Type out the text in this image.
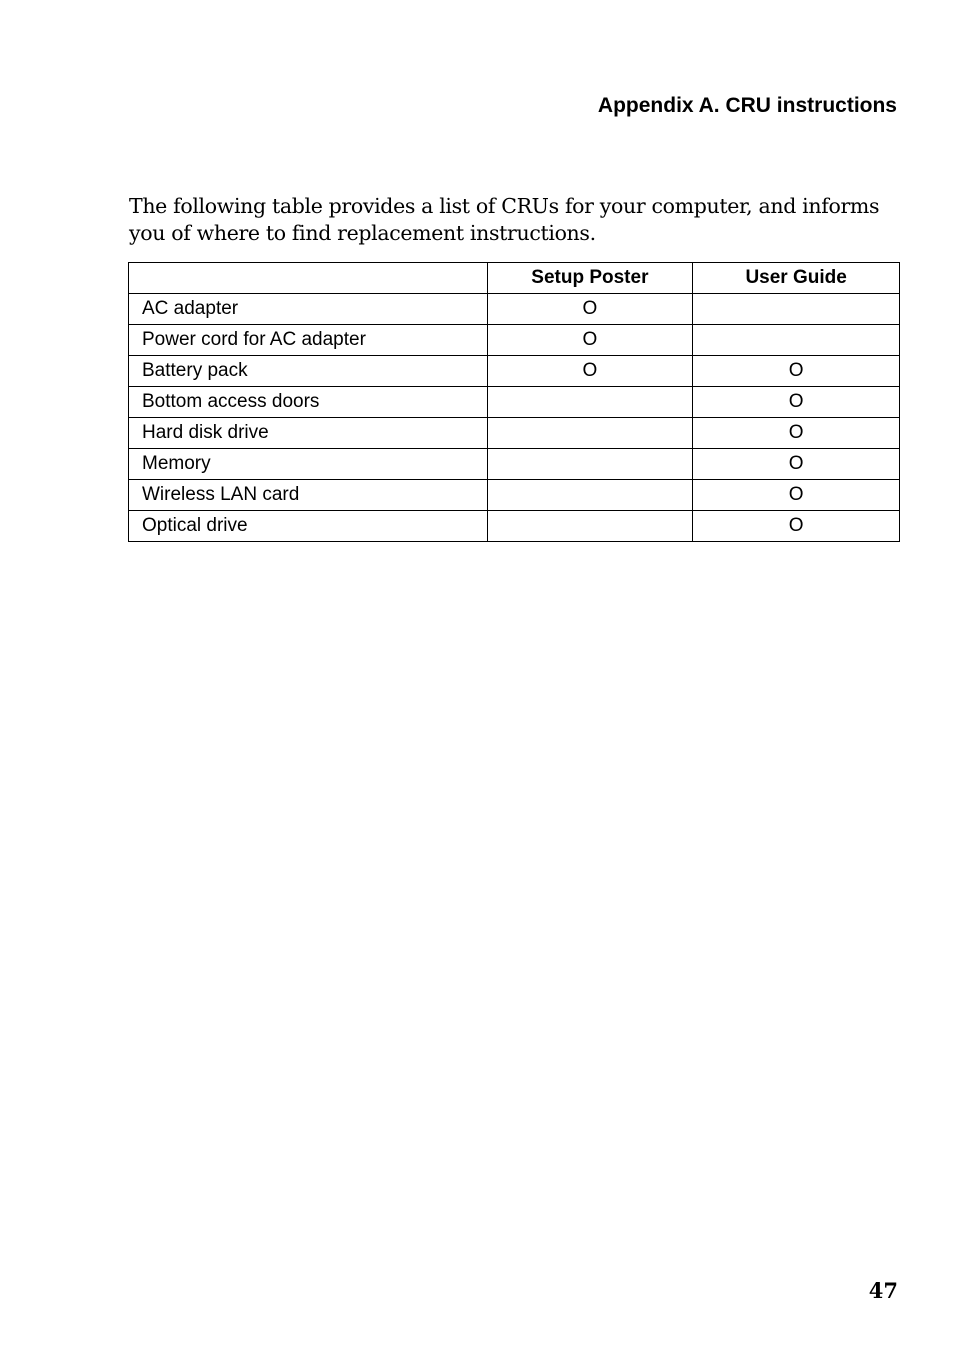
Appendix A. CRU instructions

The following table provides a list of CRUs for your computer, and informs you of where to find replacement instructions.

	Setup Poster	User Guide
AC adapter	O	
Power cord for AC adapter	O	
Battery pack	O	O
Bottom access doors		O
Hard disk drive		O
Memory		O
Wireless LAN card		O
Optical drive		O
47
